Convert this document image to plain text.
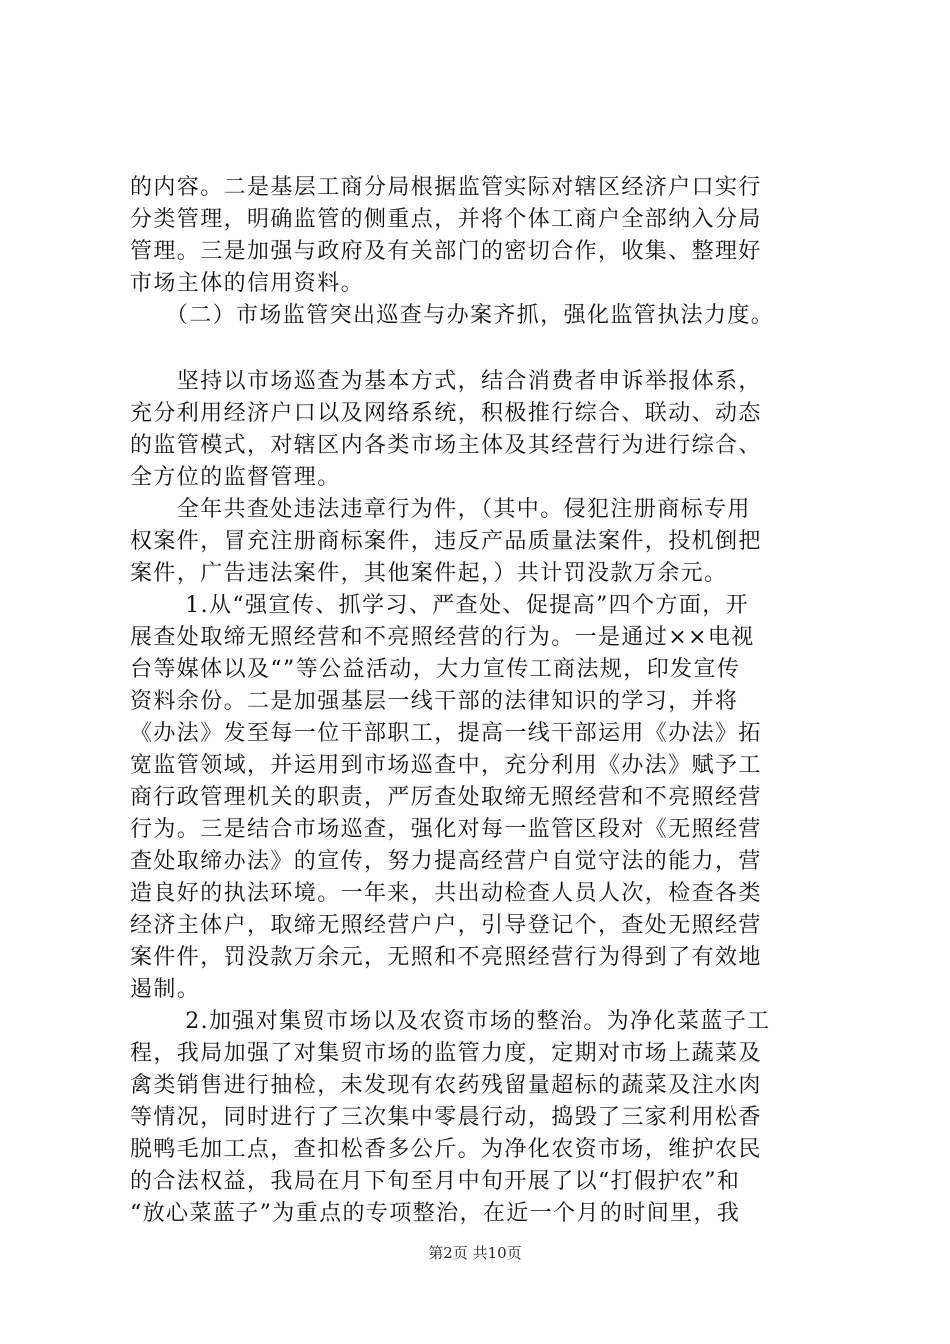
的内容。二是基层工商分局根据监管实际对辖区经济户口实行
分类管理，明确监管的侧重点，并将个体工商户全部纳入分局
管理。三是加强与政府及有关部门的密切合作，收集、整理好
市场主体的信用资料。
　　（二）市场监管突出巡查与办案齐抓，强化监管执法力度。
　　坚持以市场巡查为基本方式，结合消费者申诉举报体系，
充分利用经济户口以及网络系统，积极推行综合、联动、动态
的监管模式，对辖区内各类市场主体及其经营行为进行综合、
全方位的监督管理。
　　全年共查处违法违章行为件，（其中。侵犯注册商标专用
权案件，冒充注册商标案件，违反产品质量法案件，投机倒把
案件，广告违法案件，其他案件起，）共计罚没款万余元。
　　 1.从“强宣传、抓学习、严查处、促提高”四个方面，开
展查处取缔无照经营和不亮照经营的行为。一是通过××电视
台等媒体以及“”等公益活动，大力宣传工商法规，印发宣传
资料余份。二是加强基层一线干部的法律知识的学习，并将
《办法》发至每一位干部职工，提高一线干部运用《办法》拓
宽监管领域，并运用到市场巡查中，充分利用《办法》赋予工
商行政管理机关的职责，严厉查处取缔无照经营和不亮照经营
行为。三是结合市场巡查，强化对每一监管区段对《无照经营
查处取缔办法》的宣传，努力提高经营户自觉守法的能力，营
造良好的执法环境。一年来，共出动检查人员人次，检查各类
经济主体户，取缔无照经营户户，引导登记个，查处无照经营
案件件，罚没款万余元，无照和不亮照经营行为得到了有效地
遏制。
　　 2.加强对集贸市场以及农资市场的整治。为净化菜蓝子工
程，我局加强了对集贸市场的监管力度，定期对市场上蔬菜及
禽类销售进行抽检，未发现有农药残留量超标的蔬菜及注水肉
等情况，同时进行了三次集中零晨行动，捣毁了三家利用松香
脱鸭毛加工点，查扣松香多公斤。为净化农资市场，维护农民
的合法权益，我局在月下旬至月中旬开展了以“打假护农”和
“放心菜蓝子”为重点的专项整治，在近一个月的时间里，我
第2页 共10页
